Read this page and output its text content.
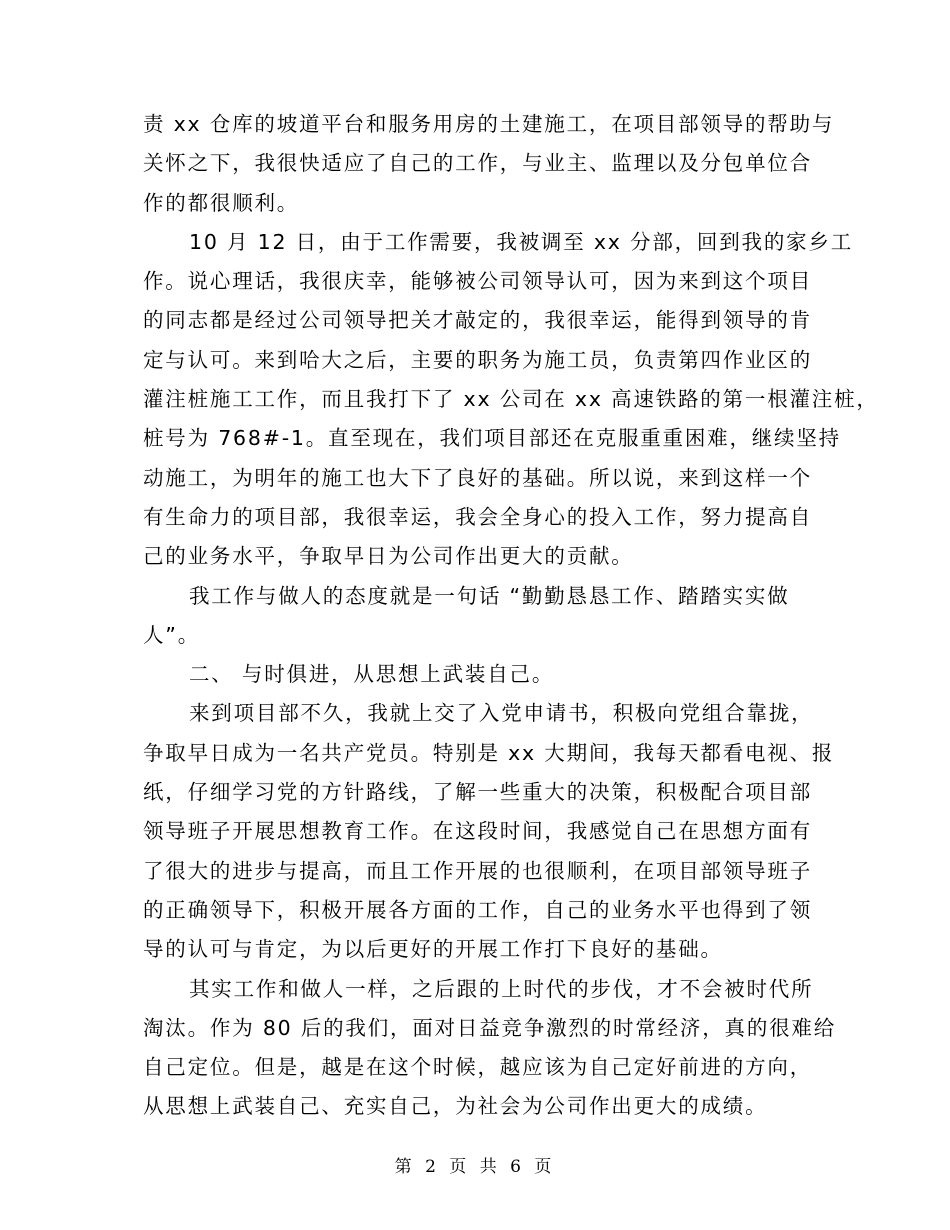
责 xx 仓库的坡道平台和服务用房的土建施工，在项目部领导的帮助与
关怀之下，我很快适应了自己的工作，与业主、监理以及分包单位合
作的都很顺利。
10 月 12 日，由于工作需要，我被调至 xx 分部，回到我的家乡工
作。说心理话，我很庆幸，能够被公司领导认可，因为来到这个项目
的同志都是经过公司领导把关才敲定的，我很幸运，能得到领导的肯
定与认可。来到哈大之后，主要的职务为施工员，负责第四作业区的
灌注桩施工工作，而且我打下了 xx 公司在 xx 高速铁路的第一根灌注桩，
桩号为 768#-1。直至现在，我们项目部还在克服重重困难，继续坚持
动施工，为明年的施工也大下了良好的基础。所以说，来到这样一个
有生命力的项目部，我很幸运，我会全身心的投入工作，努力提高自
己的业务水平，争取早日为公司作出更大的贡献。
我工作与做人的态度就是一句话 “勤勤恳恳工作、踏踏实实做
人”。
二、 与时俱进，从思想上武装自己。
来到项目部不久，我就上交了入党申请书，积极向党组合靠拢，
争取早日成为一名共产党员。特别是 xx 大期间，我每天都看电视、报
纸，仔细学习党的方针路线，了解一些重大的决策，积极配合项目部
领导班子开展思想教育工作。在这段时间，我感觉自己在思想方面有
了很大的进步与提高，而且工作开展的也很顺利，在项目部领导班子
的正确领导下，积极开展各方面的工作，自己的业务水平也得到了领
导的认可与肯定，为以后更好的开展工作打下良好的基础。
其实工作和做人一样，之后跟的上时代的步伐，才不会被时代所
淘汰。作为 80 后的我们，面对日益竞争激烈的时常经济，真的很难给
自己定位。但是，越是在这个时候，越应该为自己定好前进的方向，
从思想上武装自己、充实自己，为社会为公司作出更大的成绩。
第 2 页 共 6 页
